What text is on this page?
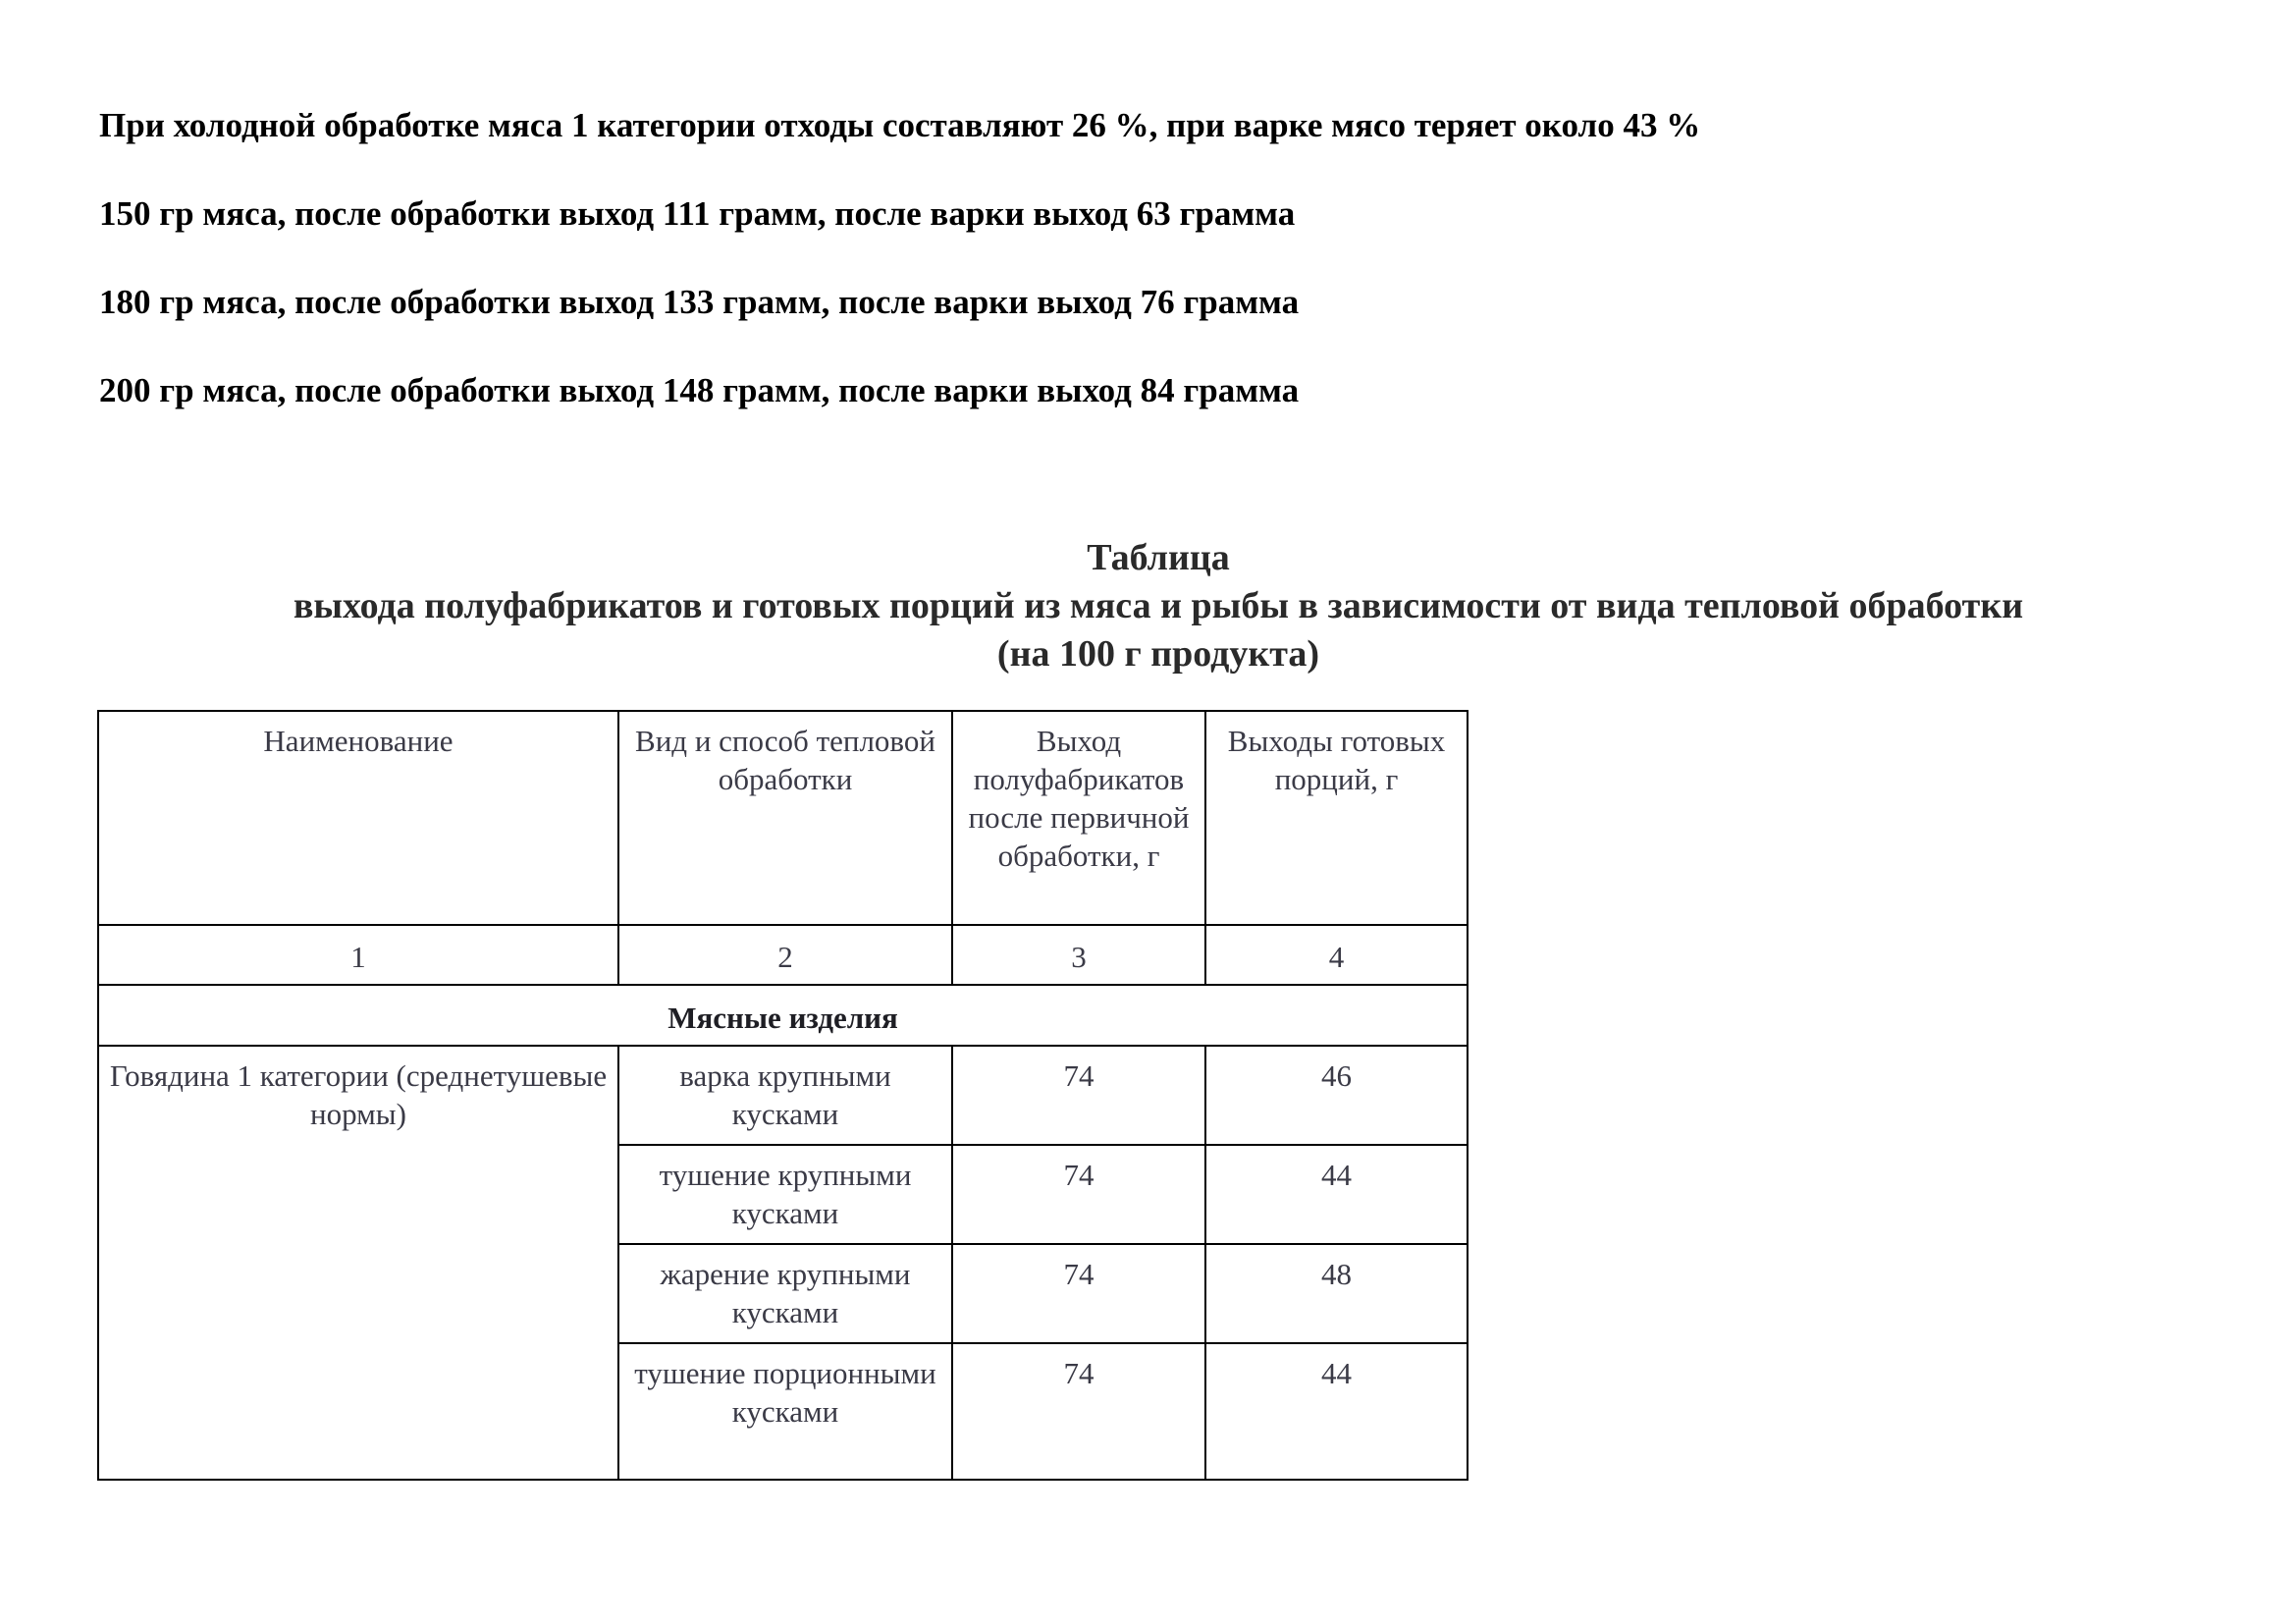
При холодной обработке мяса 1 категории отходы составляют 26 %, при варке мясо теряет около 43 %

150 гр мяса, после обработки выход 111 грамм, после варки выход 63 грамма

180 гр мяса, после обработки выход 133 грамм, после варки выход 76 грамма

200 гр мяса, после обработки выход 148 грамм, после варки выход 84 грамма

Таблица
выхода полуфабрикатов и готовых порций из мяса и рыбы в зависимости от вида тепловой обработки
(на 100 г продукта)
Наименование	Вид и способ тепловой обработки	Выход полуфабрикатов после первичной обработки, г	Выходы готовых порций, г
1	2	3	4
Мясные изделия			
Говядина 1 категории (среднетушевые нормы)	варка крупными кусками	74	46
	тушение крупными кусками	74	44
	жарение крупными кусками	74	48
	тушение порционными кусками	74	44
